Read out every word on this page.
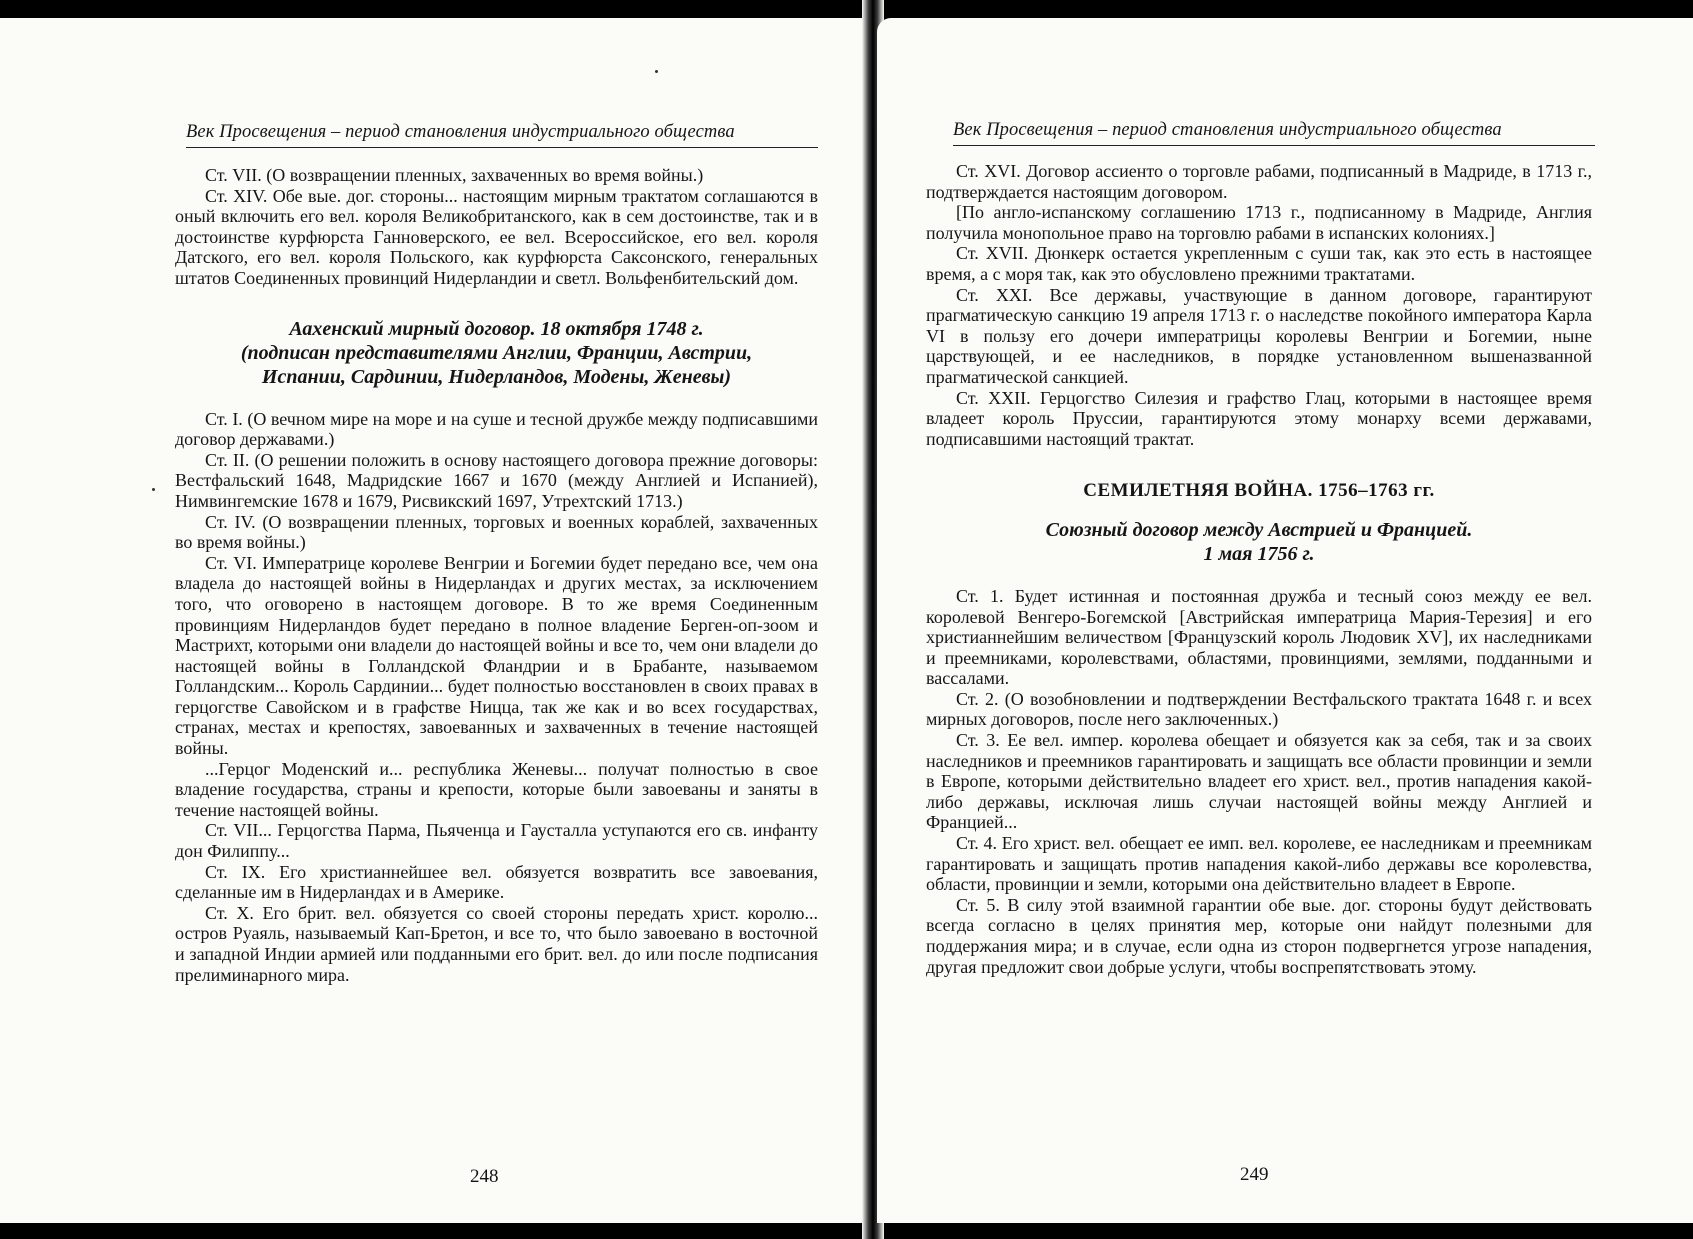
Век Просвещения – период становления индустриального общества

Ст. VII. (О возвращении пленных, захваченных во время войны.)

Ст. XIV. Обе вые. дог. стороны... настоящим мирным трактатом соглашаются в оный включить его вел. короля Великобританского, как в сем достоинстве, так и в достоинстве курфюрста Ганноверского, ее вел. Всероссийское, его вел. короля Датского, его вел. короля Польского, как курфюрста Саксонского, генеральных штатов Соединенных провинций Нидерландии и светл. Вольфенбительский дом.

Аахенский мирный договор. 18 октября 1748 г.
(подписан представителями Англии, Франции, Австрии,
Испании, Сардинии, Нидерландов, Модены, Женевы)

Ст. I. (О вечном мире на море и на суше и тесной дружбе между подписавшими договор державами.)

Ст. II. (О решении положить в основу настоящего договора прежние договоры: Вестфальский 1648, Мадридские 1667 и 1670 (между Англией и Испанией), Нимвингемские 1678 и 1679, Рисвикский 1697, Утрехтский 1713.)

Ст. IV. (О возвращении пленных, торговых и военных кораблей, захваченных во время войны.)

Ст. VI. Императрице королеве Венгрии и Богемии будет передано все, чем она владела до настоящей войны в Нидерландах и других местах, за исключением того, что оговорено в настоящем договоре. В то же время Соединенным провинциям Нидерландов будет передано в полное владение Берген-оп-зоом и Мастрихт, которыми они владели до настоящей войны и все то, чем они владели до настоящей войны в Голландской Фландрии и в Брабанте, называемом Голландским... Король Сардинии... будет полностью восстановлен в своих правах в герцогстве Савойском и в графстве Ницца, так же как и во всех государствах, странах, местах и крепостях, завоеванных и захваченных в течение настоящей войны.

...Герцог Моденский и... республика Женевы... получат полностью в свое владение государства, страны и крепости, которые были завоеваны и заняты в течение настоящей войны.

Ст. VII... Герцогства Парма, Пьяченца и Гаусталла уступаются его св. инфанту дон Филиппу...

Ст. IX. Его христианнейшее вел. обязуется возвратить все завоевания, сделанные им в Нидерландах и в Америке.

Ст. X. Его брит. вел. обязуется со своей стороны передать христ. королю... остров Руаяль, называемый Кап-Бретон, и все то, что было завоевано в восточной и западной Индии армией или подданными его брит. вел. до или после подписания прелиминарного мира.

248
Век Просвещения – период становления индустриального общества

Ст. XVI. Договор ассиенто о торговле рабами, подписанный в Мадриде, в 1713 г., подтверждается настоящим договором.

[По англо-испанскому соглашению 1713 г., подписанному в Мадриде, Англия получила монопольное право на торговлю рабами в испанских колониях.]

Ст. XVII. Дюнкерк остается укрепленным с суши так, как это есть в настоящее время, а с моря так, как это обусловлено прежними трактатами.

Ст. XXI. Все державы, участвующие в данном договоре, гарантируют прагматическую санкцию 19 апреля 1713 г. о наследстве покойного императора Карла VI в пользу его дочери императрицы королевы Венгрии и Богемии, ныне царствующей, и ее наследников, в порядке установленном вышеназванной прагматической санкцией.

Ст. XXII. Герцогство Силезия и графство Глац, которыми в настоящее время владеет король Пруссии, гарантируются этому монарху всеми державами, подписавшими настоящий трактат.

СЕМИЛЕТНЯЯ ВОЙНА. 1756–1763 гг.
Союзный договор между Австрией и Францией.
1 мая 1756 г.

Ст. 1. Будет истинная и постоянная дружба и тесный союз между ее вел. королевой Венгеро-Богемской [Австрийская императрица Мария-Терезия] и его христианнейшим величеством [Французский король Людовик XV], их наследниками и преемниками, королевствами, областями, провинциями, землями, подданными и вассалами.

Ст. 2. (О возобновлении и подтверждении Вестфальского трактата 1648 г. и всех мирных договоров, после него заключенных.)

Ст. 3. Ее вел. импер. королева обещает и обязуется как за себя, так и за своих наследников и преемников гарантировать и защищать все области провинции и земли в Европе, которыми действительно владеет его христ. вел., против нападения какой-либо державы, исключая лишь случаи настоящей войны между Англией и Францией...

Ст. 4. Его христ. вел. обещает ее имп. вел. королеве, ее наследникам и преемникам гарантировать и защищать против нападения какой-либо державы все королевства, области, провинции и земли, которыми она действительно владеет в Европе.

Ст. 5. В силу этой взаимной гарантии обе вые. дог. стороны будут действовать всегда согласно в целях принятия мер, которые они найдут полезными для поддержания мира; и в случае, если одна из сторон подвергнется угрозе нападения, другая предложит свои добрые услуги, чтобы воспрепятствовать этому.

249
